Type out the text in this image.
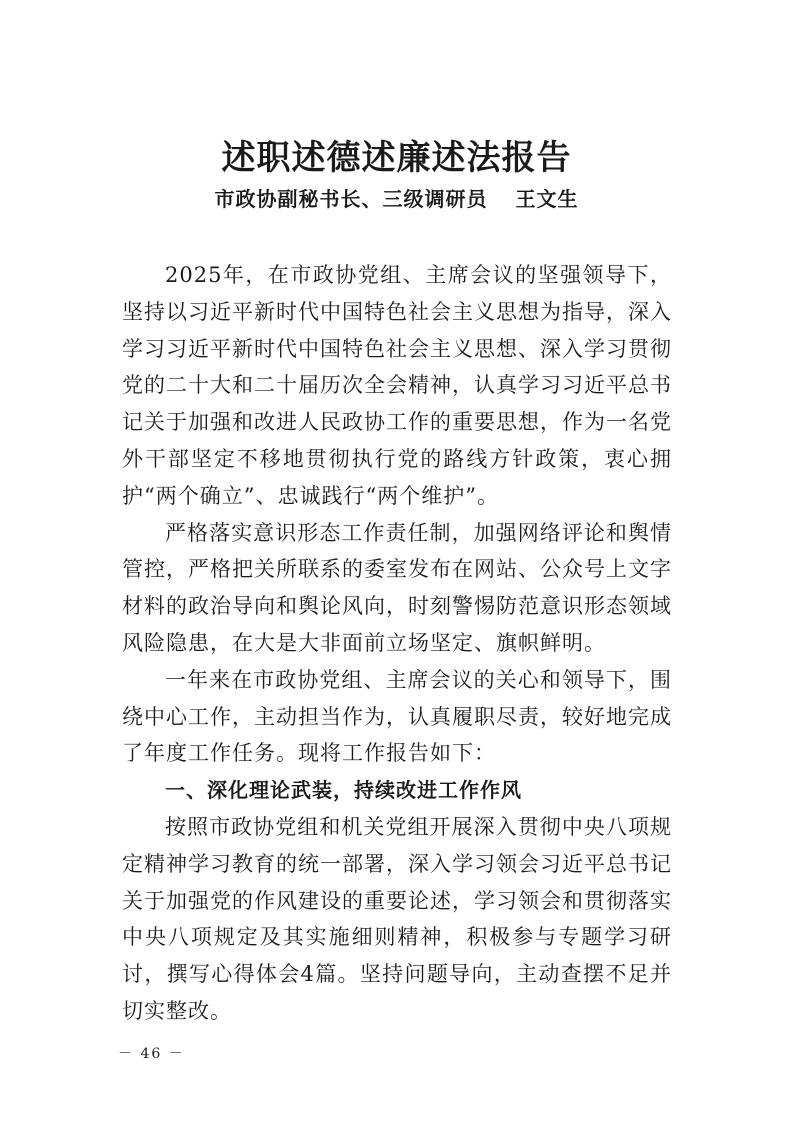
述职述德述廉述法报告
市政协副秘书长、三级调研员 王文生

2025年，在市政协党组、主席会议的坚强领导下，坚持以习近平新时代中国特色社会主义思想为指导，深入学习习近平新时代中国特色社会主义思想、深入学习贯彻党的二十大和二十届历次全会精神，认真学习习近平总书记关于加强和改进人民政协工作的重要思想，作为一名党外干部坚定不移地贯彻执行党的路线方针政策，衷心拥护“两个确立”、忠诚践行“两个维护”。

严格落实意识形态工作责任制，加强网络评论和舆情管控，严格把关所联系的委室发布在网站、公众号上文字材料的政治导向和舆论风向，时刻警惕防范意识形态领域风险隐患，在大是大非面前立场坚定、旗帜鲜明。

一年来在市政协党组、主席会议的关心和领导下，围绕中心工作，主动担当作为，认真履职尽责，较好地完成了年度工作任务。现将工作报告如下：

一、深化理论武装，持续改进工作作风

按照市政协党组和机关党组开展深入贯彻中央八项规定精神学习教育的统一部署，深入学习领会习近平总书记关于加强党的作风建设的重要论述，学习领会和贯彻落实中央八项规定及其实施细则精神，积极参与专题学习研讨，撰写心得体会4篇。坚持问题导向，主动查摆不足并切实整改。

－ 46 －
